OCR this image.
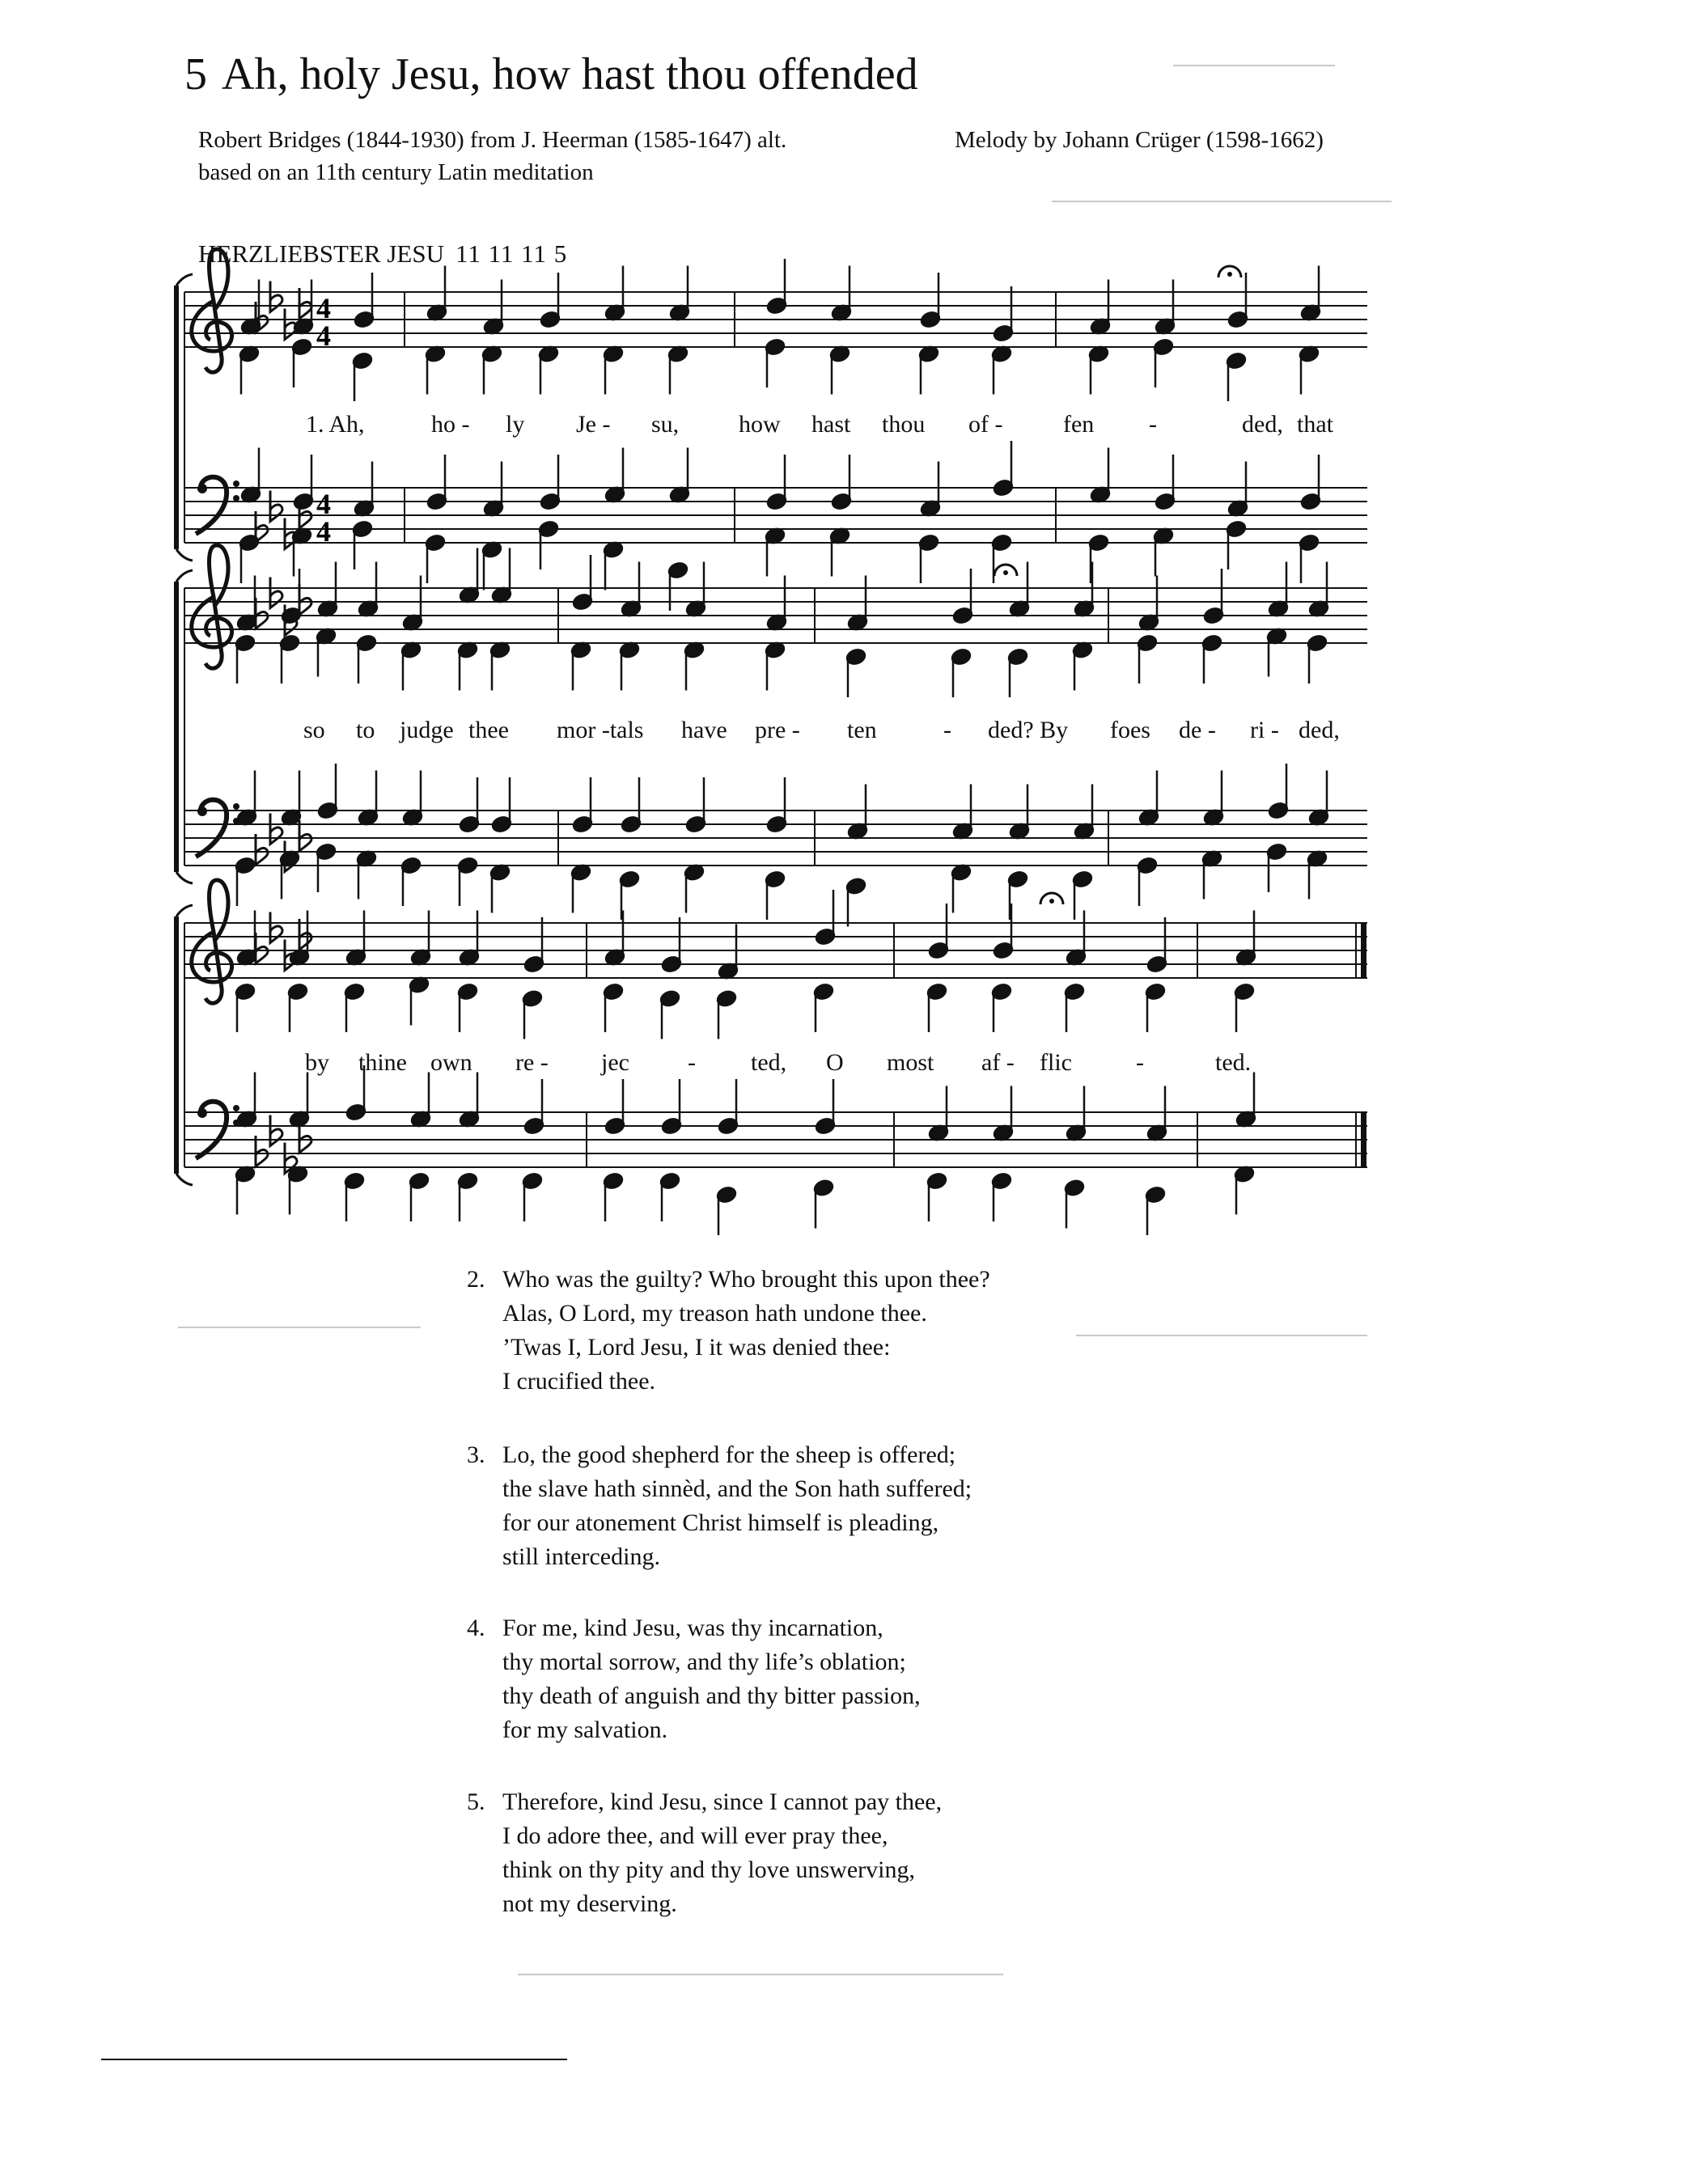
5 Ah, holy Jesu, how hast thou offended
Robert Bridges (1844-1930) from J. Heerman (1585-1647) alt.
based on an 11th century Latin meditation
Melody by Johann Crüger (1598-1662)
HERZLIEBSTER JESU 11 11 11 5
4
4
4
4
1. Ah,	ho - ly Je - su, how hast thou of - fen -	ded, that
so to judge thee mor -tals have pre - ten	- ded? By foes de - ri - ded,
by thine own re - jec - ted, O most af - flic	-	ted.
2. Who was the guilty? Who brought this upon thee?
Alas, O Lord, my treason hath undone thee.
’Twas I, Lord Jesu, I it was denied thee:
I crucified thee.
3. Lo, the good shepherd for the sheep is offered;
the slave hath sinnèd, and the Son hath suffered;
for our atonement Christ himself is pleading,
still interceding.
4. For me, kind Jesu, was thy incarnation,
thy mortal sorrow, and thy life’s oblation;
thy death of anguish and thy bitter passion,
for my salvation.
5. Therefore, kind Jesu, since I cannot pay thee,
I do adore thee, and will ever pray thee,
think on thy pity and thy love unswerving,
not my deserving.
